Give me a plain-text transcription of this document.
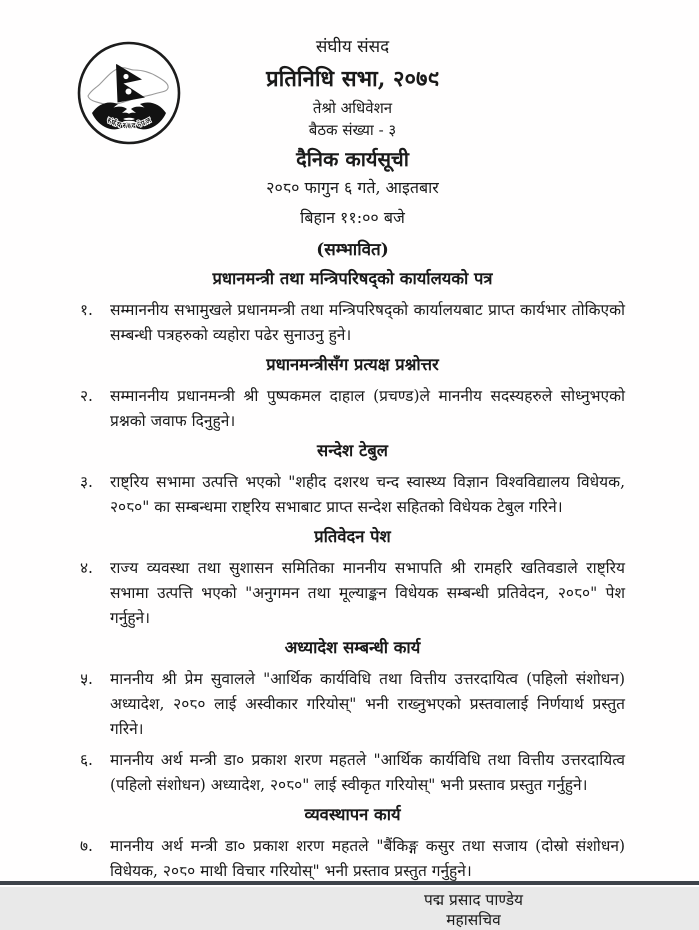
संघीय संसद नेपाल
संघीय संसद
प्रतिनिधि सभा, २०७९
तेश्रो अधिवेशन
बैठक संख्या - ३
दैनिक कार्यसूची
२०८० फागुन ६ गते, आइतबार
बिहान ११:०० बजे
(सम्भावित)
प्रधानमन्त्री तथा मन्त्रिपरिषद्को कार्यालयको पत्र
१.	सम्माननीय सभामुखले प्रधानमन्त्री तथा मन्त्रिपरिषद्को कार्यालयबाट प्राप्त कार्यभार तोकिएको सम्बन्धी पत्रहरुको व्यहोरा पढेर सुनाउनु हुने।

प्रधानमन्त्रीसँग प्रत्यक्ष प्रश्नोत्तर
२.	सम्माननीय प्रधानमन्त्री श्री पुष्पकमल दाहाल (प्रचण्ड)ले माननीय सदस्यहरुले सोध्नुभएको प्रश्नको जवाफ दिनुहुने।

सन्देश टेबुल
३.	राष्ट्रिय सभामा उत्पत्ति भएको "शहीद दशरथ चन्द स्वास्थ्य विज्ञान विश्वविद्यालय विधेयक, २०८०" का सम्बन्धमा राष्ट्रिय सभाबाट प्राप्त सन्देश सहितको विधेयक टेबुल गरिने।

प्रतिवेदन पेश
४.	राज्य व्यवस्था तथा सुशासन समितिका माननीय सभापति श्री रामहरि खतिवडाले राष्ट्रिय सभामा उत्पत्ति भएको "अनुगमन तथा मूल्याङ्कन विधेयक सम्बन्धी प्रतिवेदन, २०८०" पेश गर्नुहुने।

अध्यादेश सम्बन्धी कार्य
५.	माननीय श्री प्रेम सुवालले "आर्थिक कार्यविधि तथा वित्तीय उत्तरदायित्व (पहिलो संशोधन) अध्यादेश, २०८० लाई अस्वीकार गरियोस्" भनी राख्नुभएको प्रस्तवालाई निर्णयार्थ प्रस्तुत गरिने।

६.	माननीय अर्थ मन्त्री डा० प्रकाश शरण महतले "आर्थिक कार्यविधि तथा वित्तीय उत्तरदायित्व (पहिलो संशोधन) अध्यादेश, २०८०" लाई स्वीकृत गरियोस्" भनी प्रस्ताव प्रस्तुत गर्नुहुने।

व्यवस्थापन कार्य
७.	माननीय अर्थ मन्त्री डा० प्रकाश शरण महतले "बैंकिङ्ग कसुर तथा सजाय (दोस्रो संशोधन) विधेयक, २०८० माथी विचार गरियोस्" भनी प्रस्ताव प्रस्तुत गर्नुहुने।

पद्म प्रसाद पाण्डेय
महासचिव
